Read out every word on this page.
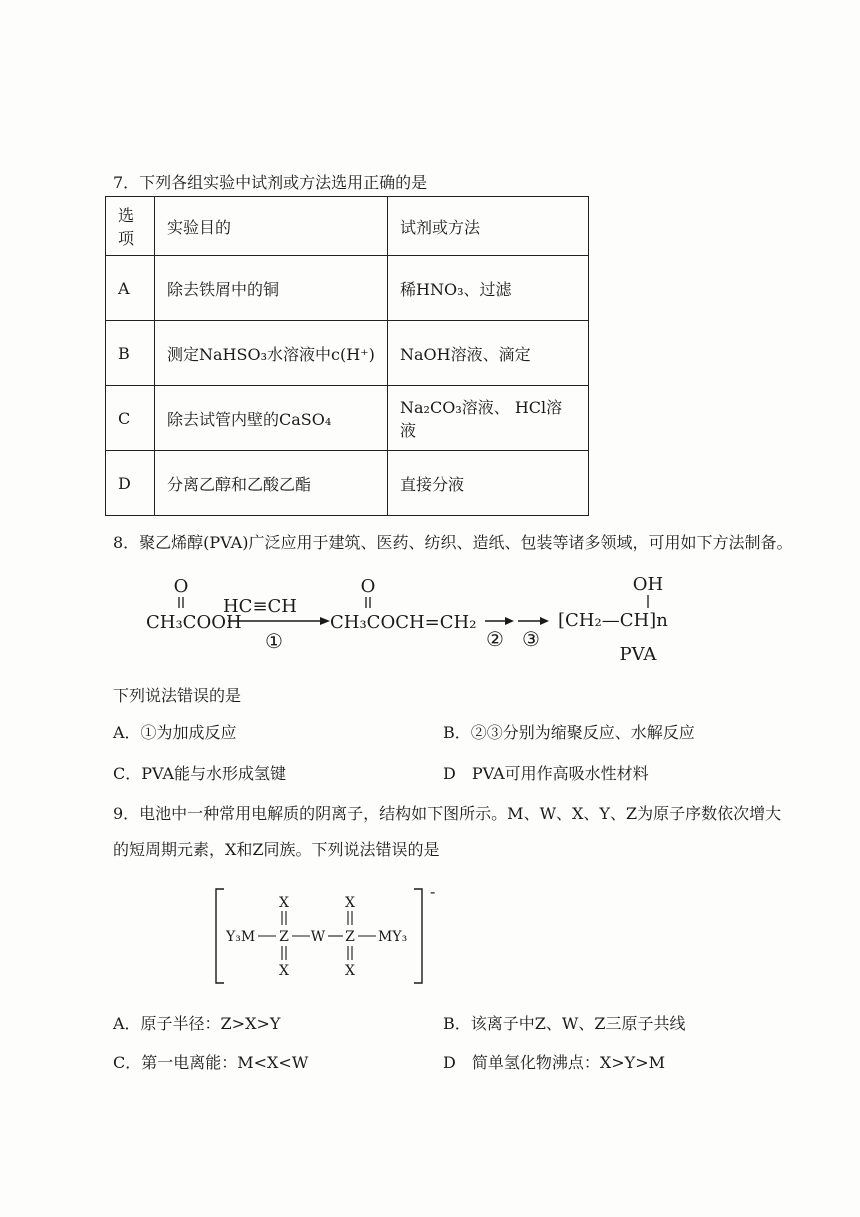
7．下列各组实验中试剂或方法选用正确的是
选项	实验目的	试剂或方法
A	除去铁屑中的铜	稀HNO₃、过滤
B	测定NaHSO₃水溶液中c(H⁺)	NaOH溶液、滴定
C	除去试管内壁的CaSO₄	Na₂CO₃溶液、 HCl溶液
D	分离乙醇和乙酸乙酯	直接分液
8．聚乙烯醇(PVA)广泛应用于建筑、医药、纺织、造纸、包装等诸多领域，可用如下方法制备。
O
CH₃COOH
HC≡CH
①
O
CH₃COCH=CH₂
② ③
OH
[CH₂—CH]n
PVA
下列说法错误的是
A．①为加成反应	B．②③分别为缩聚反应、水解反应
C．PVA能与水形成氢键	D　PVA可用作高吸水性材料
9．电池中一种常用电解质的阴离子，结构如下图所示。M、W、X、Y、Z为原子序数依次增大
的短周期元素，X和Z同族。下列说法错误的是
-
X	X
Y₃M Z W Z MY₃
X	X
A．原子半径：Z>X>Y	B．该离子中Z、W、Z三原子共线
C．第一电离能：M<X<W	D　简单氢化物沸点：X>Y>M
